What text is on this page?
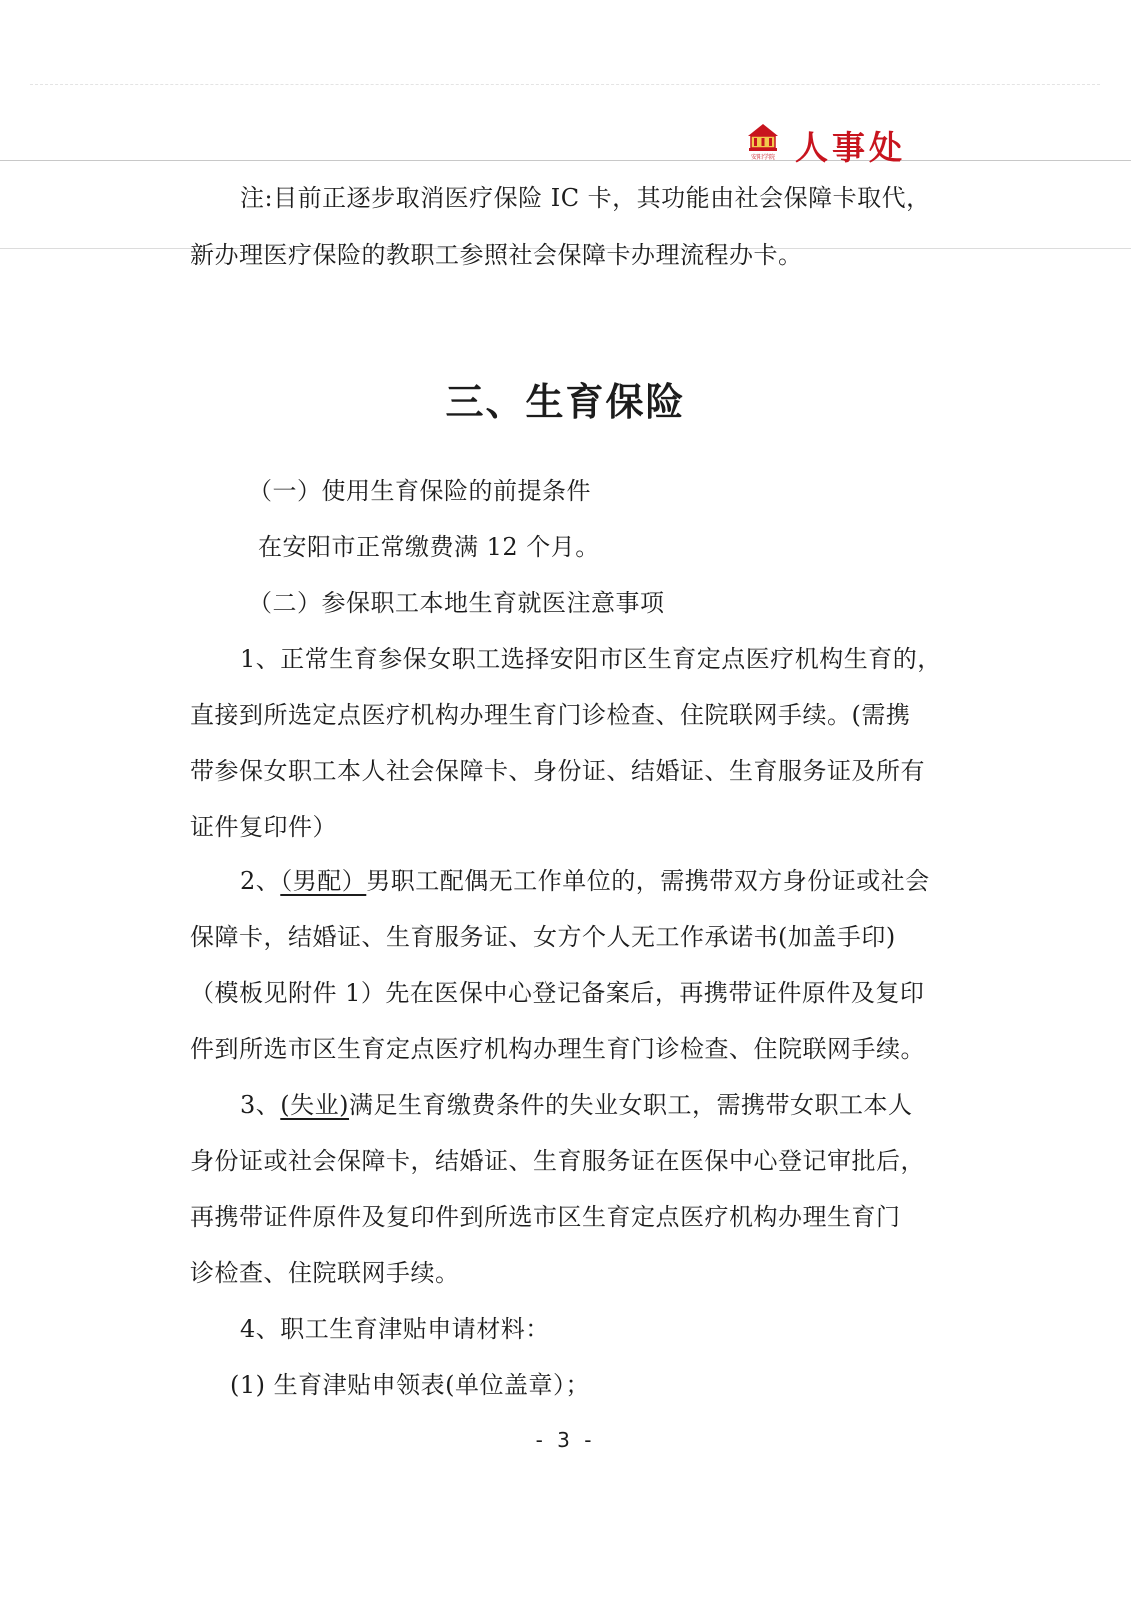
安阳学院 人事处
注:目前正逐步取消医疗保险 IC 卡，其功能由社会保障卡取代，
新办理医疗保险的教职工参照社会保障卡办理流程办卡。
三、生育保险
（一）使用生育保险的前提条件
在安阳市正常缴费满 12 个月。
（二）参保职工本地生育就医注意事项
1、正常生育参保女职工选择安阳市区生育定点医疗机构生育的，
直接到所选定点医疗机构办理生育门诊检查、住院联网手续。(需携
带参保女职工本人社会保障卡、身份证、结婚证、生育服务证及所有
证件复印件）
2、（男配）男职工配偶无工作单位的，需携带双方身份证或社会
保障卡，结婚证、生育服务证、女方个人无工作承诺书(加盖手印)
（模板见附件 1）先在医保中心登记备案后，再携带证件原件及复印
件到所选市区生育定点医疗机构办理生育门诊检查、住院联网手续。
3、(失业)满足生育缴费条件的失业女职工，需携带女职工本人
身份证或社会保障卡，结婚证、生育服务证在医保中心登记审批后，
再携带证件原件及复印件到所选市区生育定点医疗机构办理生育门
诊检查、住院联网手续。
4、职工生育津贴申请材料：
(1) 生育津贴申领表(单位盖章）；
- 3 -
